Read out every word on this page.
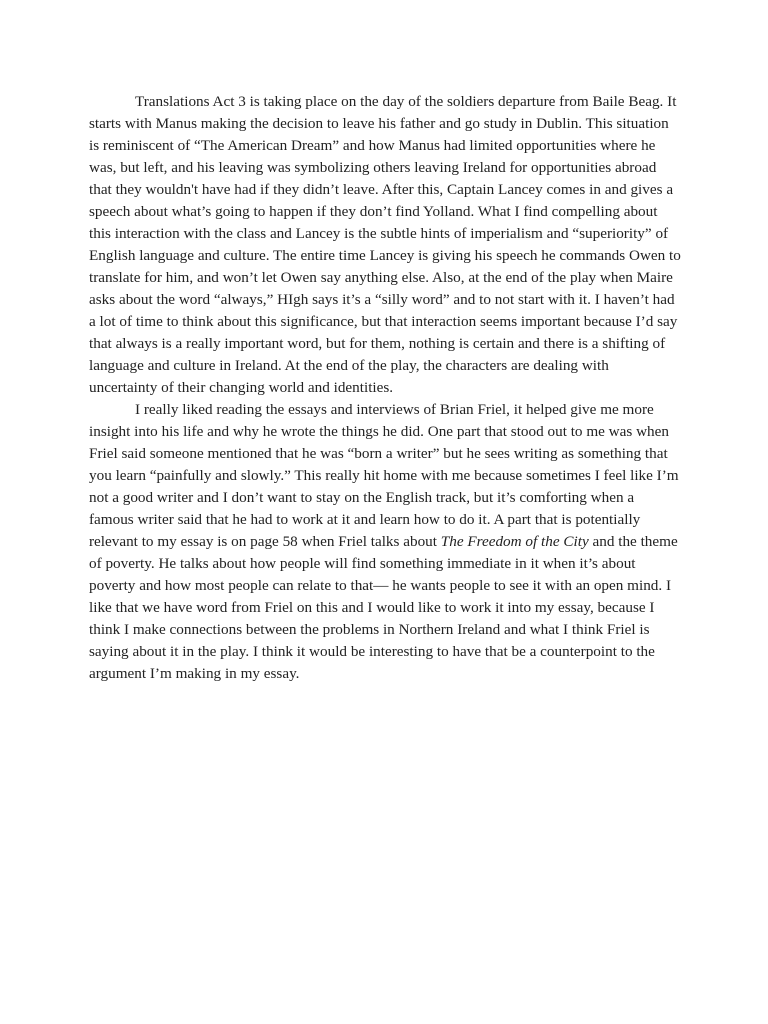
Translations Act 3 is taking place on the day of the soldiers departure from Baile Beag. It
starts with Manus making the decision to leave his father and go study in Dublin. This situation
is reminiscent of “The American Dream” and how Manus had limited opportunities where he
was, but left, and his leaving was symbolizing others leaving Ireland for opportunities abroad
that they wouldn't have had if they didn’t leave. After this, Captain Lancey comes in and gives a
speech about what’s going to happen if they don’t find Yolland. What I find compelling about
this interaction with the class and Lancey is the subtle hints of imperialism and “superiority” of
English language and culture. The entire time Lancey is giving his speech he commands Owen to
translate for him, and won’t let Owen say anything else. Also, at the end of the play when Maire
asks about the word “always,” HIgh says it’s a “silly word” and to not start with it. I haven’t had
a lot of time to think about this significance, but that interaction seems important because I’d say
that always is a really important word, but for them, nothing is certain and there is a shifting of
language and culture in Ireland. At the end of the play, the characters are dealing with
uncertainty of their changing world and identities.
I really liked reading the essays and interviews of Brian Friel, it helped give me more
insight into his life and why he wrote the things he did. One part that stood out to me was when
Friel said someone mentioned that he was “born a writer” but he sees writing as something that
you learn “painfully and slowly.” This really hit home with me because sometimes I feel like I’m
not a good writer and I don’t want to stay on the English track, but it’s comforting when a
famous writer said that he had to work at it and learn how to do it. A part that is potentially
relevant to my essay is on page 58 when Friel talks about The Freedom of the City and the theme
of poverty. He talks about how people will find something immediate in it when it’s about
poverty and how most people can relate to that— he wants people to see it with an open mind. I
like that we have word from Friel on this and I would like to work it into my essay, because I
think I make connections between the problems in Northern Ireland and what I think Friel is
saying about it in the play. I think it would be interesting to have that be a counterpoint to the
argument I’m making in my essay.
